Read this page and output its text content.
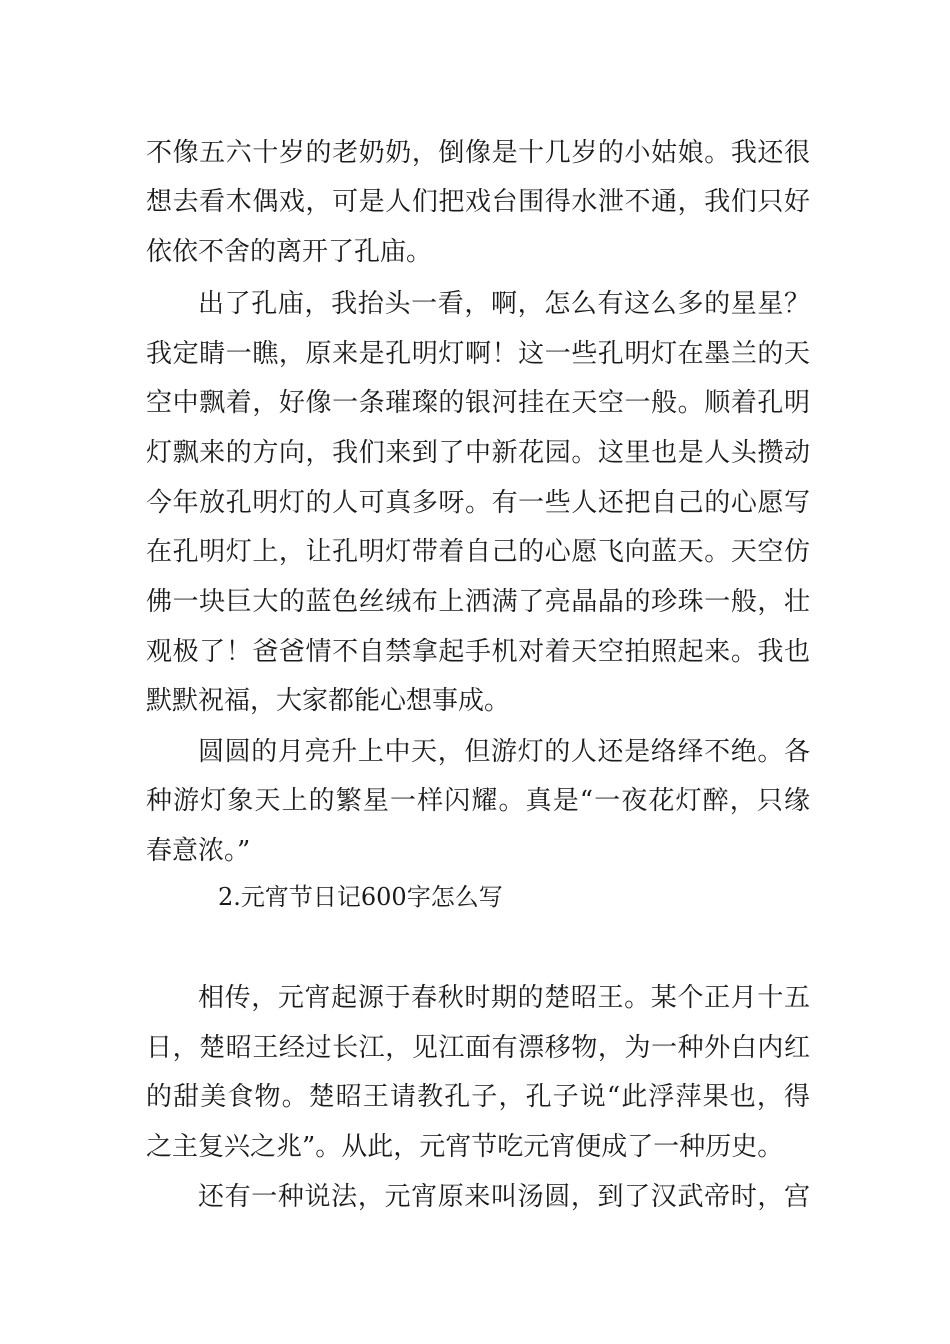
不像五六十岁的老奶奶，倒像是十几岁的小姑娘。我还很
想去看木偶戏，可是人们把戏台围得水泄不通，我们只好
依依不舍的离开了孔庙。
出了孔庙，我抬头一看，啊，怎么有这么多的星星？
我定睛一瞧，原来是孔明灯啊！这一些孔明灯在墨兰的天
空中飘着，好像一条璀璨的银河挂在天空一般。顺着孔明
灯飘来的方向，我们来到了中新花园。这里也是人头攒动
今年放孔明灯的人可真多呀。有一些人还把自己的心愿写
在孔明灯上，让孔明灯带着自己的心愿飞向蓝天。天空仿
佛一块巨大的蓝色丝绒布上洒满了亮晶晶的珍珠一般，壮
观极了！爸爸情不自禁拿起手机对着天空拍照起来。我也
默默祝福，大家都能心想事成。
圆圆的月亮升上中天，但游灯的人还是络绎不绝。各
种游灯象天上的繁星一样闪耀。真是“一夜花灯醉，只缘
春意浓。”
2.元宵节日记600字怎么写
相传，元宵起源于春秋时期的楚昭王。某个正月十五
日，楚昭王经过长江，见江面有漂移物，为一种外白内红
的甜美食物。楚昭王请教孔子，孔子说“此浮萍果也，得
之主复兴之兆”。从此，元宵节吃元宵便成了一种历史。
还有一种说法，元宵原来叫汤圆，到了汉武帝时，宫
